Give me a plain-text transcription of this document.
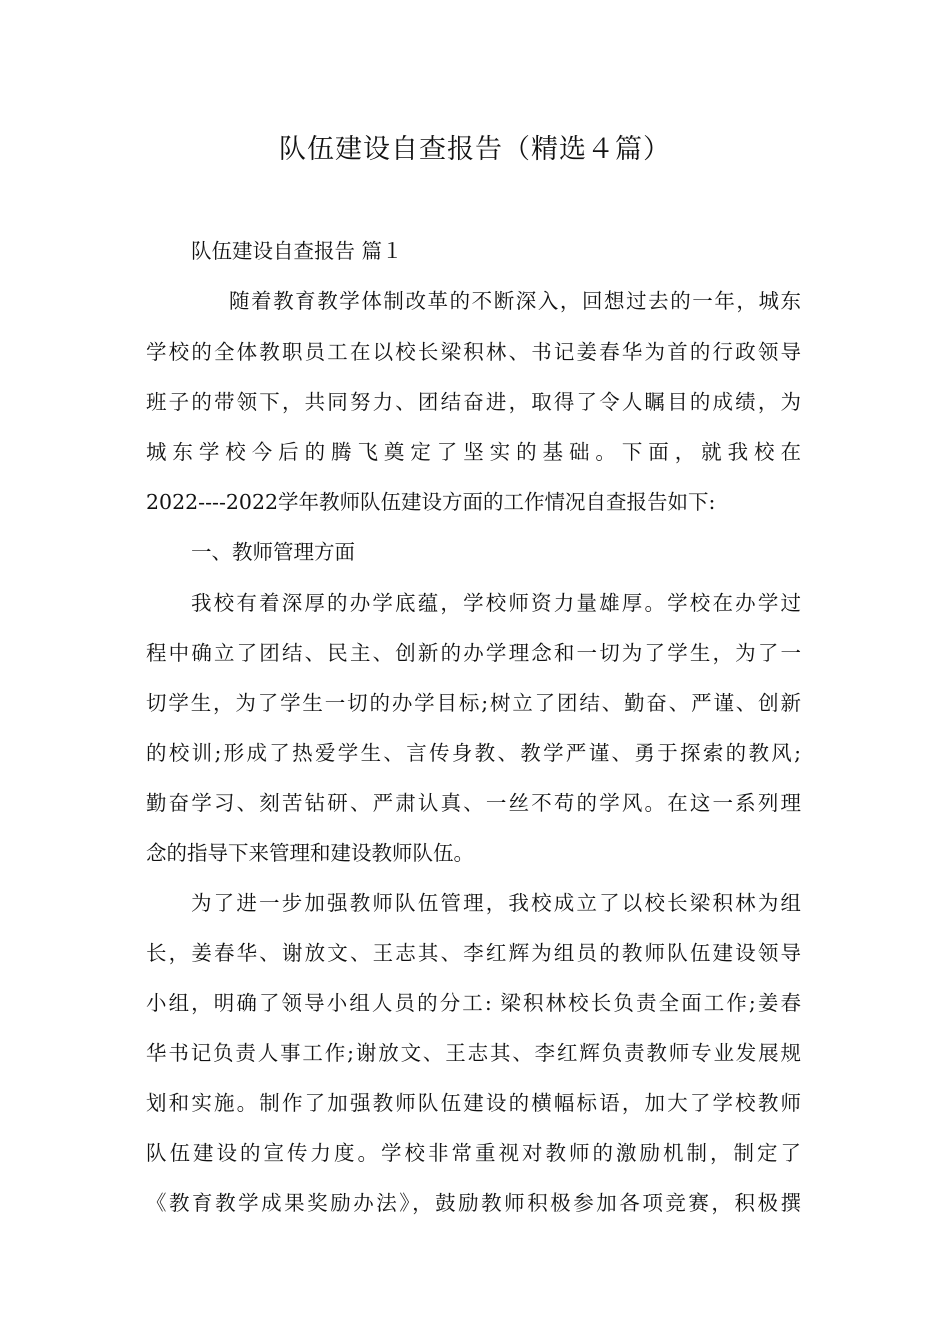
队伍建设自查报告（精选４篇）
队伍建设自查报告 篇１
随着教育教学体制改革的不断深入，回想过去的一年，城东
学校的全体教职员工在以校长梁积林、书记姜春华为首的行政领导
班子的带领下，共同努力、团结奋进，取得了令人瞩目的成绩，为
城东学校今后的腾飞奠定了坚实的基础。下面，就我校在
2022----2022学年教师队伍建设方面的工作情况自查报告如下:
一、教师管理方面
我校有着深厚的办学底蕴，学校师资力量雄厚。学校在办学过
程中确立了团结、民主、创新的办学理念和一切为了学生，为了一
切学生，为了学生一切的办学目标;树立了团结、勤奋、严谨、创新
的校训;形成了热爱学生、言传身教、教学严谨、勇于探索的教风;
勤奋学习、刻苦钻研、严肃认真、一丝不苟的学风。在这一系列理
念的指导下来管理和建设教师队伍。
为了进一步加强教师队伍管理，我校成立了以校长梁积林为组
长，姜春华、谢放文、王志其、李红辉为组员的教师队伍建设领导
小组，明确了领导小组人员的分工: 梁积林校长负责全面工作;姜春
华书记负责人事工作;谢放文、王志其、李红辉负责教师专业发展规
划和实施。制作了加强教师队伍建设的横幅标语，加大了学校教师
队伍建设的宣传力度。学校非常重视对教师的激励机制，制定了
《教育教学成果奖励办法》，鼓励教师积极参加各项竞赛，积极撰
